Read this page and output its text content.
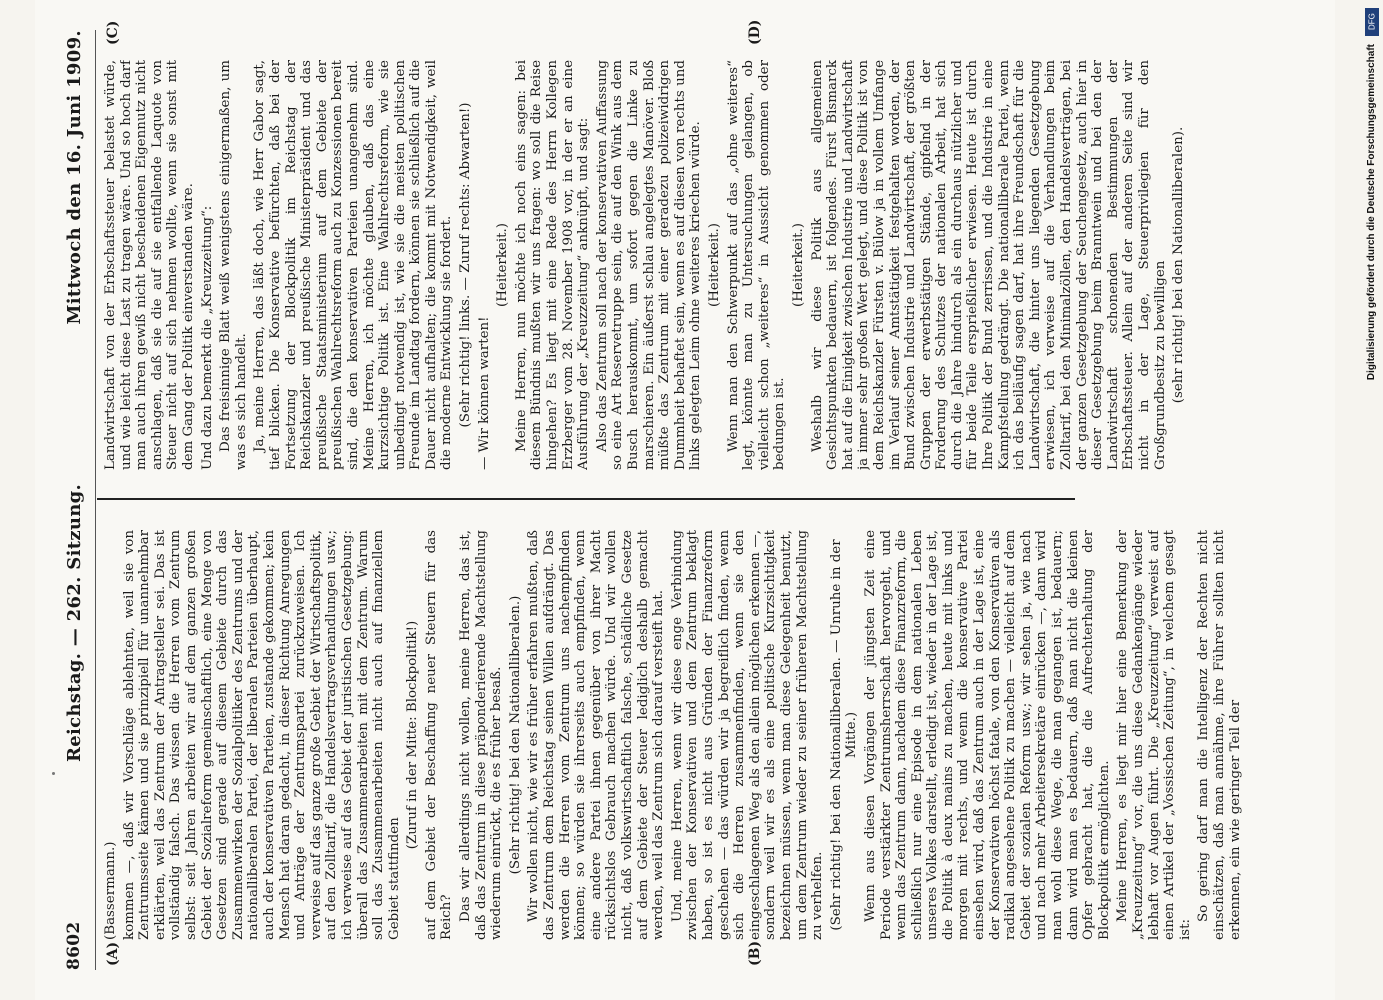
8602
Reichstag. — 262. Sitzung.
Mittwoch den 16. Juni 1909.
(A)	(B)
(C)	(D)

(Bassermann.) kommen —, daß wir Vorschläge ablehnten, weil sie von Zentrumsseite kämen und sie prinzipiell für unannehmbar erklärten, weil das Zentrum der Antragsteller sei. Das ist vollständig falsch. Das wissen die Herren vom Zentrum selbst: seit Jahren arbeiten wir auf dem ganzen großen Gebiet der Sozialreform gemeinschaftlich, eine Menge von Gesetzen sind gerade auf diesem Gebiete durch das Zusammenwirken der Sozialpolitiker des Zentrums und der nationalliberalen Partei, der liberalen Parteien überhaupt, auch der konservativen Parteien, zustande gekommen; kein Mensch hat daran gedacht, in dieser Richtung Anregungen und Anträge der Zentrumspartei zurückzuweisen. Ich verweise auf das ganze große Gebiet der Wirtschaftspolitik, auf den Zolltarif, die Handelsvertragsverhandlungen usw.; ich verweise auf das Gebiet der juristischen Gesetzgebung: überall das Zusammenarbeiten mit dem Zentrum. Warum soll das Zusammenarbeiten nicht auch auf finanziellem Gebiet stattfinden

(Zuruf in der Mitte: Blockpolitik!) auf dem Gebiet der Beschaffung neuer Steuern für das Reich? Das wir allerdings nicht wollen, meine Herren, das ist, daß das Zentrum in diese präponderierende Machtstellung wiederum einrückt, die es früher besaß. (Sehr richtig! bei den Nationalliberalen.) Wir wollen nicht, wie wir es früher erfahren mußten, daß das Zentrum dem Reichstag seinen Willen aufdrängt. Das werden die Herren vom Zentrum uns nachempfinden können; so würden sie ihrerseits auch empfinden, wenn eine andere Partei ihnen gegenüber von ihrer Macht rücksichtslos Gebrauch machen würde. Und wir wollen nicht, daß volkswirtschaftlich falsche, schädliche Gesetze auf dem Gebiete der Steuer lediglich deshalb gemacht werden, weil das Zentrum sich darauf versteift hat. Und, meine Herren, wenn wir diese enge Verbindung zwischen der Konservativen und dem Zentrum beklagt haben, so ist es nicht aus Gründen der Finanzreform geschehen — das würden wir ja begreiflich finden, wenn sich die Herren zusammenfinden, wenn sie den eingeschlagenen Weg als den allein möglichen erkennen —, sondern weil wir es als eine politische Kurzsichtigkeit bezeichnen müssen, wenn man diese Gelegenheit benutzt, um dem Zentrum wieder zu seiner früheren Machtstellung zu verhelfen. (Sehr richtig! bei den Nationalliberalen. — Unruhe in der Mitte.) Wenn aus diesen Vorgängen der jüngsten Zeit eine Periode verstärkter Zentrumsherrschaft hervorgeht, und wenn das Zentrum dann, nachdem diese Finanzreform, die schließlich nur eine Episode in dem nationalen Leben unseres Volkes darstellt, erledigt ist, wieder in der Lage ist, die Politik à deux mains zu machen, heute mit links und morgen mit rechts, und wenn die konservative Partei einsehen wird, daß das Zentrum auch in der Lage ist, eine der Konservativen höchst fatale, von den Konservativen als radikal angesehene Politik zu machen — vielleicht auf dem Gebiet der sozialen Reform usw.; wir sehen ja, wie nach und nach mehr Arbeitersekretäre einrücken —, dann wird man wohl diese Wege, die man gegangen ist, bedauern; dann wird man es bedauern, daß man nicht die kleinen Opfer gebracht hat, die die Aufrechterhaltung der Blockpolitik ermöglichten. Meine Herren, es liegt mir hier eine Bemerkung der „Kreuzzeitung“ vor, die uns diese Gedankengänge wieder lebhaft vor Augen führt. Die „Kreuzzeitung“ verweist auf einen Artikel der „Vossischen Zeitung“, in welchem gesagt ist:

So gering darf man die Intelligenz der Rechten nicht einschätzen, daß man annähme, ihre Führer sollten nicht erkennen, ein wie geringer Teil der

Landwirtschaft von der Erbschaftssteuer belastet würde, und wie leicht diese Last zu tragen wäre. Und so hoch darf man auch ihren gewiß nicht bescheidenen Eigennutz nicht anschlagen, daß sie die auf sie entfallende Laquote von Steuer nicht auf sich nehmen wollte, wenn sie sonst mit dem Gang der Politik einverstanden wäre. Und dazu bemerkt die „Kreuzzeitung“: Das freisinnige Blatt weiß wenigstens einigermaßen, um was es sich handelt. Ja, meine Herren, das läßt doch, wie Herr Gabor sagt, tief blicken. Die Konservative befürchten, daß bei der Fortsetzung der Blockpolitik im Reichstag der Reichskanzler und preußische Ministerpräsident und das preußische Staatsministerium auf dem Gebiete der preußischen Wahlrechtsreform auch zu Konzessionen bereit sind, die den konservativen Parteien unangenehm sind. Meine Herren, ich möchte glauben, daß das eine kurzsichtige Politik ist. Eine Wahlrechtsreform, wie sie unbedingt notwendig ist, wie sie die meisten politischen Freunde im Landtag fordern, können sie schließlich auf die Dauer nicht aufhalten; die kommt mit Notwendigkeit, weil die moderne Entwicklung sie fordert. (Sehr richtig! links. — Zuruf rechts: Abwarten!) — Wir können warten!

(Heiterkeit.) Meine Herren, nun möchte ich noch eins sagen: bei diesem Bündnis mußten wir uns fragen: wo soll die Reise hingehen? Es liegt mit eine Rede des Herrn Kollegen Erzberger vom 28. November 1908 vor, in der er an eine Ausführung der „Kreuzzeitung“ anknüpft, und sagt: Also das Zentrum soll nach der konservativen Auffassung so eine Art Reservetruppe sein, die auf den Wink aus dem Busch herauskommt, um sofort gegen die Linke zu marschieren. Ein äußerst schlau angelegtes Manöver. Bloß müßte das Zentrum mit einer geradezu polizeiwidrigen Dummheit behaftet sein, wenn es auf diesen von rechts und links gelegten Leim ohne weiteres kriechen würde. (Heiterkeit.) Wenn man den Schwerpunkt auf das „ohne weiteres“ legt, könnte man zu Untersuchungen gelangen, ob vielleicht schon „weiteres“ in Aussicht genommen oder bedungen ist.

(Heiterkeit.) Weshalb wir diese Politik aus allgemeinen Gesichtspunkten bedauern, ist folgendes. Fürst Bismarck hat auf die Einigkeit zwischen Industrie und Landwirtschaft ja immer sehr großen Wert gelegt, und diese Politik ist von dem Reichskanzler Fürsten v. Bülow ja in vollem Umfange im Verlauf seiner Amtstätigkeit festgehalten worden, der Bund zwischen Industrie und Landwirtschaft, der größten Gruppen der erwerbstätigen Stände, gipfelnd in der Forderung des Schutzes der nationalen Arbeit, hat sich durch die Jahre hindurch als ein durchaus nützlicher und für beide Teile ersprießlicher erwiesen. Heute ist durch Ihre Politik der Bund zerrissen, und die Industrie in eine Kampfstellung gedrängt. Die nationalliberale Partei, wenn ich das beiläufig sagen darf, hat ihre Freundschaft für die Landwirtschaft, die hinter uns liegenden Gesetzgebung erwiesen, ich verweise auf die Verhandlungen beim Zolltarif, bei den Minimalzöllen, den Handelsverträgen, bei der ganzen Gesetzgebung der Seuchengesetz, auch hier in dieser Gesetzgebung beim Branntwein und bei den der Landwirtschaft schonenden Bestimmungen der Erbschaftssteuer. Allein auf der anderen Seite sind wir nicht in der Lage, Steuerprivilegien für den Großgrundbesitz zu bewilligen (sehr richtig! bei den Nationalliberalen).

DFG
Digitalisierung gefördert durch die Deutsche Forschungsgemeinschaft
